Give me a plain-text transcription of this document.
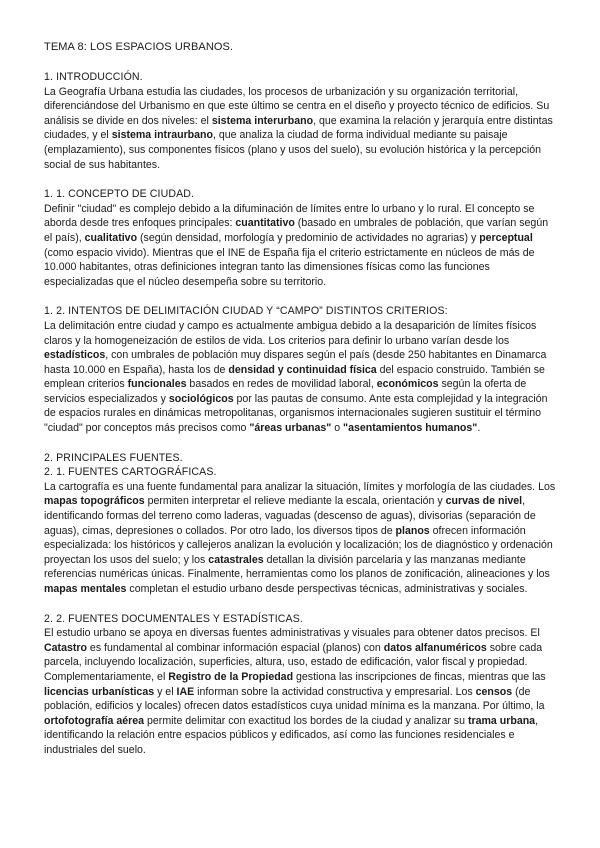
TEMA 8: LOS ESPACIOS URBANOS.

1. INTRODUCCIÓN.

La Geografía Urbana estudia las ciudades, los procesos de urbanización y su organización territorial, diferenciándose del Urbanismo en que este último se centra en el diseño y proyecto técnico de edificios. Su análisis se divide en dos niveles: el sistema interurbano, que examina la relación y jerarquía entre distintas ciudades, y el sistema intraurbano, que analiza la ciudad de forma individual mediante su paisaje (emplazamiento), sus componentes físicos (plano y usos del suelo), su evolución histórica y la percepción social de sus habitantes.

1. 1. CONCEPTO DE CIUDAD.

Definir "ciudad" es complejo debido a la difuminación de límites entre lo urbano y lo rural. El concepto se aborda desde tres enfoques principales: cuantitativo (basado en umbrales de población, que varían según el país), cualitativo (según densidad, morfología y predominio de actividades no agrarias) y perceptual (como espacio vivido). Mientras que el INE de España fija el criterio estrictamente en núcleos de más de 10.000 habitantes, otras definiciones integran tanto las dimensiones físicas como las funciones especializadas que el núcleo desempeña sobre su territorio.

1. 2. INTENTOS DE DELIMITACIÓN CIUDAD Y “CAMPO” DISTINTOS CRITERIOS:

La delimitación entre ciudad y campo es actualmente ambigua debido a la desaparición de límites físicos claros y la homogeneización de estilos de vida. Los criterios para definir lo urbano varían desde los estadísticos, con umbrales de población muy dispares según el país (desde 250 habitantes en Dinamarca hasta 10.000 en España), hasta los de densidad y continuidad física del espacio construido. También se emplean criterios funcionales basados en redes de movilidad laboral, económicos según la oferta de servicios especializados y sociológicos por las pautas de consumo. Ante esta complejidad y la integración de espacios rurales en dinámicas metropolitanas, organismos internacionales sugieren sustituir el término "ciudad" por conceptos más precisos como "áreas urbanas" o "asentamientos humanos".

2. PRINCIPALES FUENTES.

2. 1. FUENTES CARTOGRÁFICAS.

La cartografía es una fuente fundamental para analizar la situación, límites y morfología de las ciudades. Los mapas topográficos permiten interpretar el relieve mediante la escala, orientación y curvas de nivel, identificando formas del terreno como laderas, vaguadas (descenso de aguas), divisorias (separación de aguas), cimas, depresiones o collados. Por otro lado, los diversos tipos de planos ofrecen información especializada: los históricos y callejeros analizan la evolución y localización; los de diagnóstico y ordenación proyectan los usos del suelo; y los catastrales detallan la división parcelaria y las manzanas mediante referencias numéricas únicas. Finalmente, herramientas como los planos de zonificación, alineaciones y los mapas mentales completan el estudio urbano desde perspectivas técnicas, administrativas y sociales.

2. 2. FUENTES DOCUMENTALES Y ESTADÍSTICAS.

El estudio urbano se apoya en diversas fuentes administrativas y visuales para obtener datos precisos. El Catastro es fundamental al combinar información espacial (planos) con datos alfanuméricos sobre cada parcela, incluyendo localización, superficies, altura, uso, estado de edificación, valor fiscal y propiedad. Complementariamente, el Registro de la Propiedad gestiona las inscripciones de fincas, mientras que las licencias urbanísticas y el IAE informan sobre la actividad constructiva y empresarial. Los censos (de población, edificios y locales) ofrecen datos estadísticos cuya unidad mínima es la manzana. Por último, la ortofotografía aérea permite delimitar con exactitud los bordes de la ciudad y analizar su trama urbana, identificando la relación entre espacios públicos y edificados, así como las funciones residenciales e industriales del suelo.
